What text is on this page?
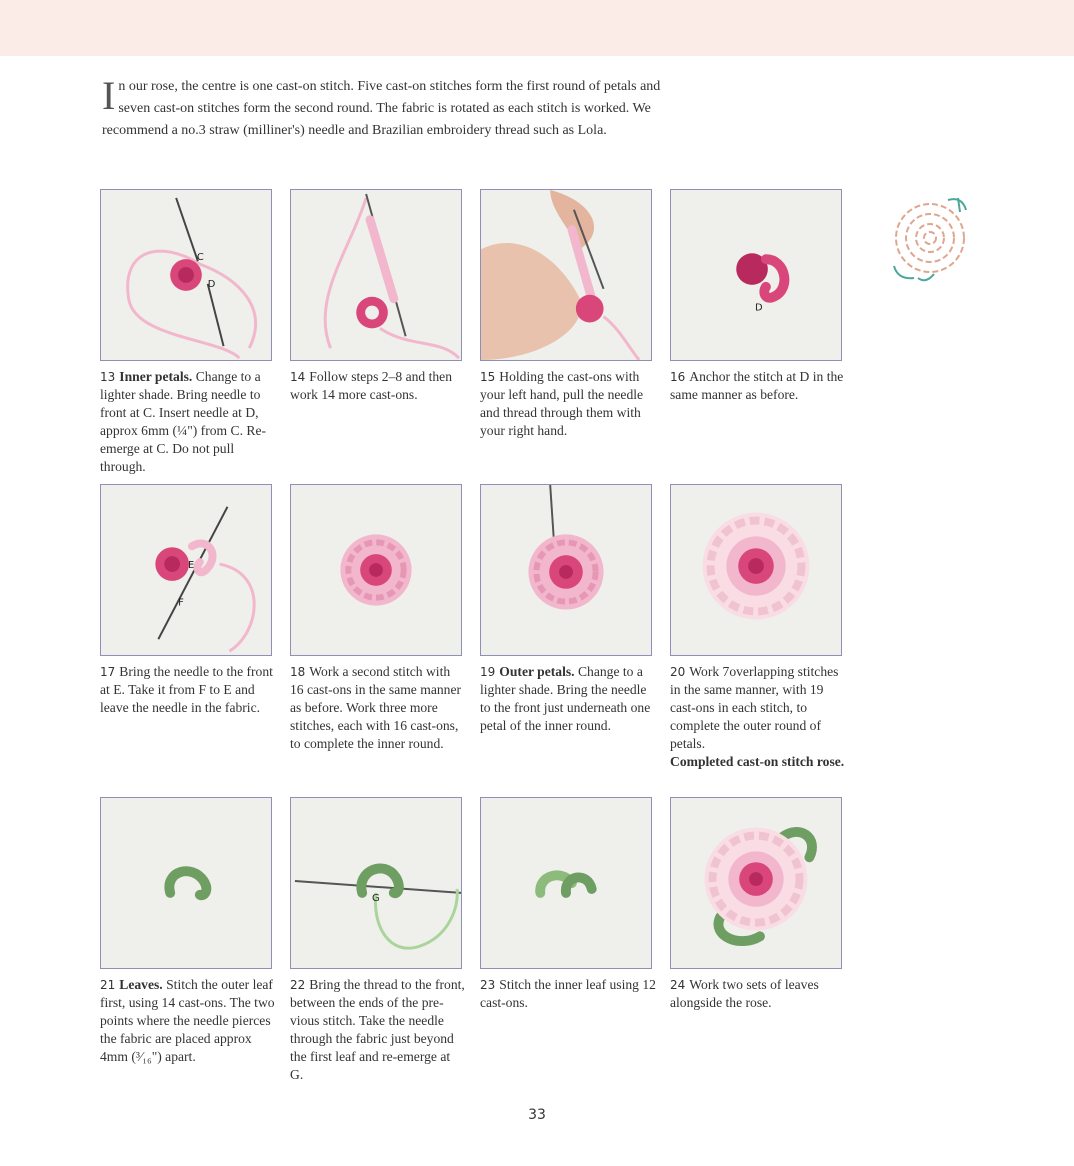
In our rose, the centre is one cast-on stitch. Five cast-on stitches form the first round of petals and seven cast-on stitches form the second round. The fabric is rotated as each stitch is worked. We recommend a no.3 straw (milliner's) needle and Brazilian embroidery thread such as Lola.
C
D
13 Inner petals. Change to a lighter shade. Bring needle to front at C. Insert needle at D, approx 6mm (¼") from C. Re-emerge at C. Do not pull through.
14 Follow steps 2–8 and then work 14 more cast-ons.
15 Holding the cast-ons with your left hand, pull the needle and thread through them with your right hand.
D
16 Anchor the stitch at D in the same manner as before.
E
F
17 Bring the needle to the front at E. Take it from F to E and leave the needle in the fabric.
18 Work a second stitch with 16 cast-ons in the same manner as before. Work three more stitches, each with 16 cast-ons, to complete the inner round.
19 Outer petals. Change to a lighter shade. Bring the needle to the front just underneath one petal of the inner round.
20 Work 7overlapping stitches in the same manner, with 19 cast-ons in each stitch, to complete the outer round of petals.
Completed cast-on stitch rose.
21 Leaves. Stitch the outer leaf first, using 14 cast-ons. The two points where the needle pierces the fabric are placed approx 4mm (³⁄₁₆") apart.
G
22 Bring the thread to the front, between the ends of the pre-vious stitch. Take the needle through the fabric just beyond the first leaf and re-emerge at G.
23 Stitch the inner leaf using 12 cast-ons.
24 Work two sets of leaves alongside the rose.
33
